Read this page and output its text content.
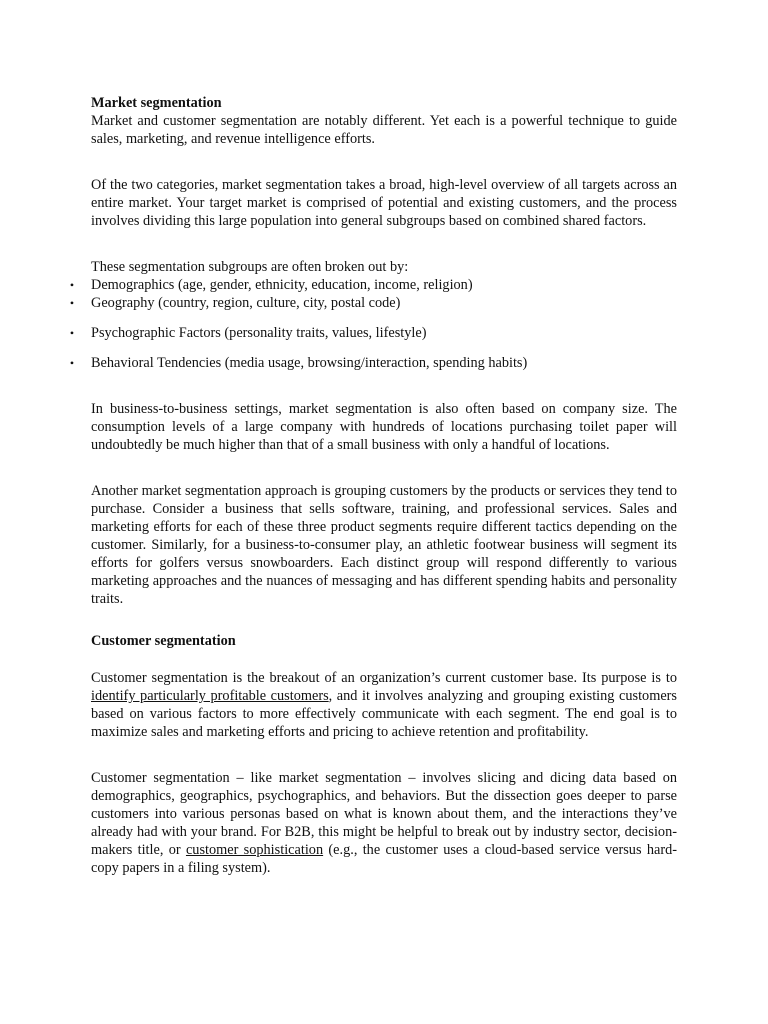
Market segmentation

Market and customer segmentation are notably different. Yet each is a powerful technique to guide sales, marketing, and revenue intelligence efforts.

Of the two categories, market segmentation takes a broad, high-level overview of all targets across an entire market. Your target market is comprised of potential and existing customers, and the process involves dividing this large population into general subgroups based on combined shared factors.

These segmentation subgroups are often broken out by:

• Demographics (age, gender, ethnicity, education, income, religion)
• Geography (country, region, culture, city, postal code)
• Psychographic Factors (personality traits, values, lifestyle)
• Behavioral Tendencies (media usage, browsing/interaction, spending habits)

In business-to-business settings, market segmentation is also often based on company size. The consumption levels of a large company with hundreds of locations purchasing toilet paper will undoubtedly be much higher than that of a small business with only a handful of locations.

Another market segmentation approach is grouping customers by the products or services they tend to purchase. Consider a business that sells software, training, and professional services. Sales and marketing efforts for each of these three product segments require different tactics depending on the customer. Similarly, for a business-to-consumer play, an athletic footwear business will segment its efforts for golfers versus snowboarders. Each distinct group will respond differently to various marketing approaches and the nuances of messaging and has different spending habits and personality traits.

Customer segmentation

Customer segmentation is the breakout of an organization’s current customer base. Its purpose is to identify particularly profitable customers, and it involves analyzing and grouping existing customers based on various factors to more effectively communicate with each segment. The end goal is to maximize sales and marketing efforts and pricing to achieve retention and profitability.

Customer segmentation – like market segmentation – involves slicing and dicing data based on demographics, geographics, psychographics, and behaviors. But the dissection goes deeper to parse customers into various personas based on what is known about them, and the interactions they’ve already had with your brand. For B2B, this might be helpful to break out by industry sector, decision-makers title, or customer sophistication (e.g., the customer uses a cloud-based service versus hard-copy papers in a filing system).
